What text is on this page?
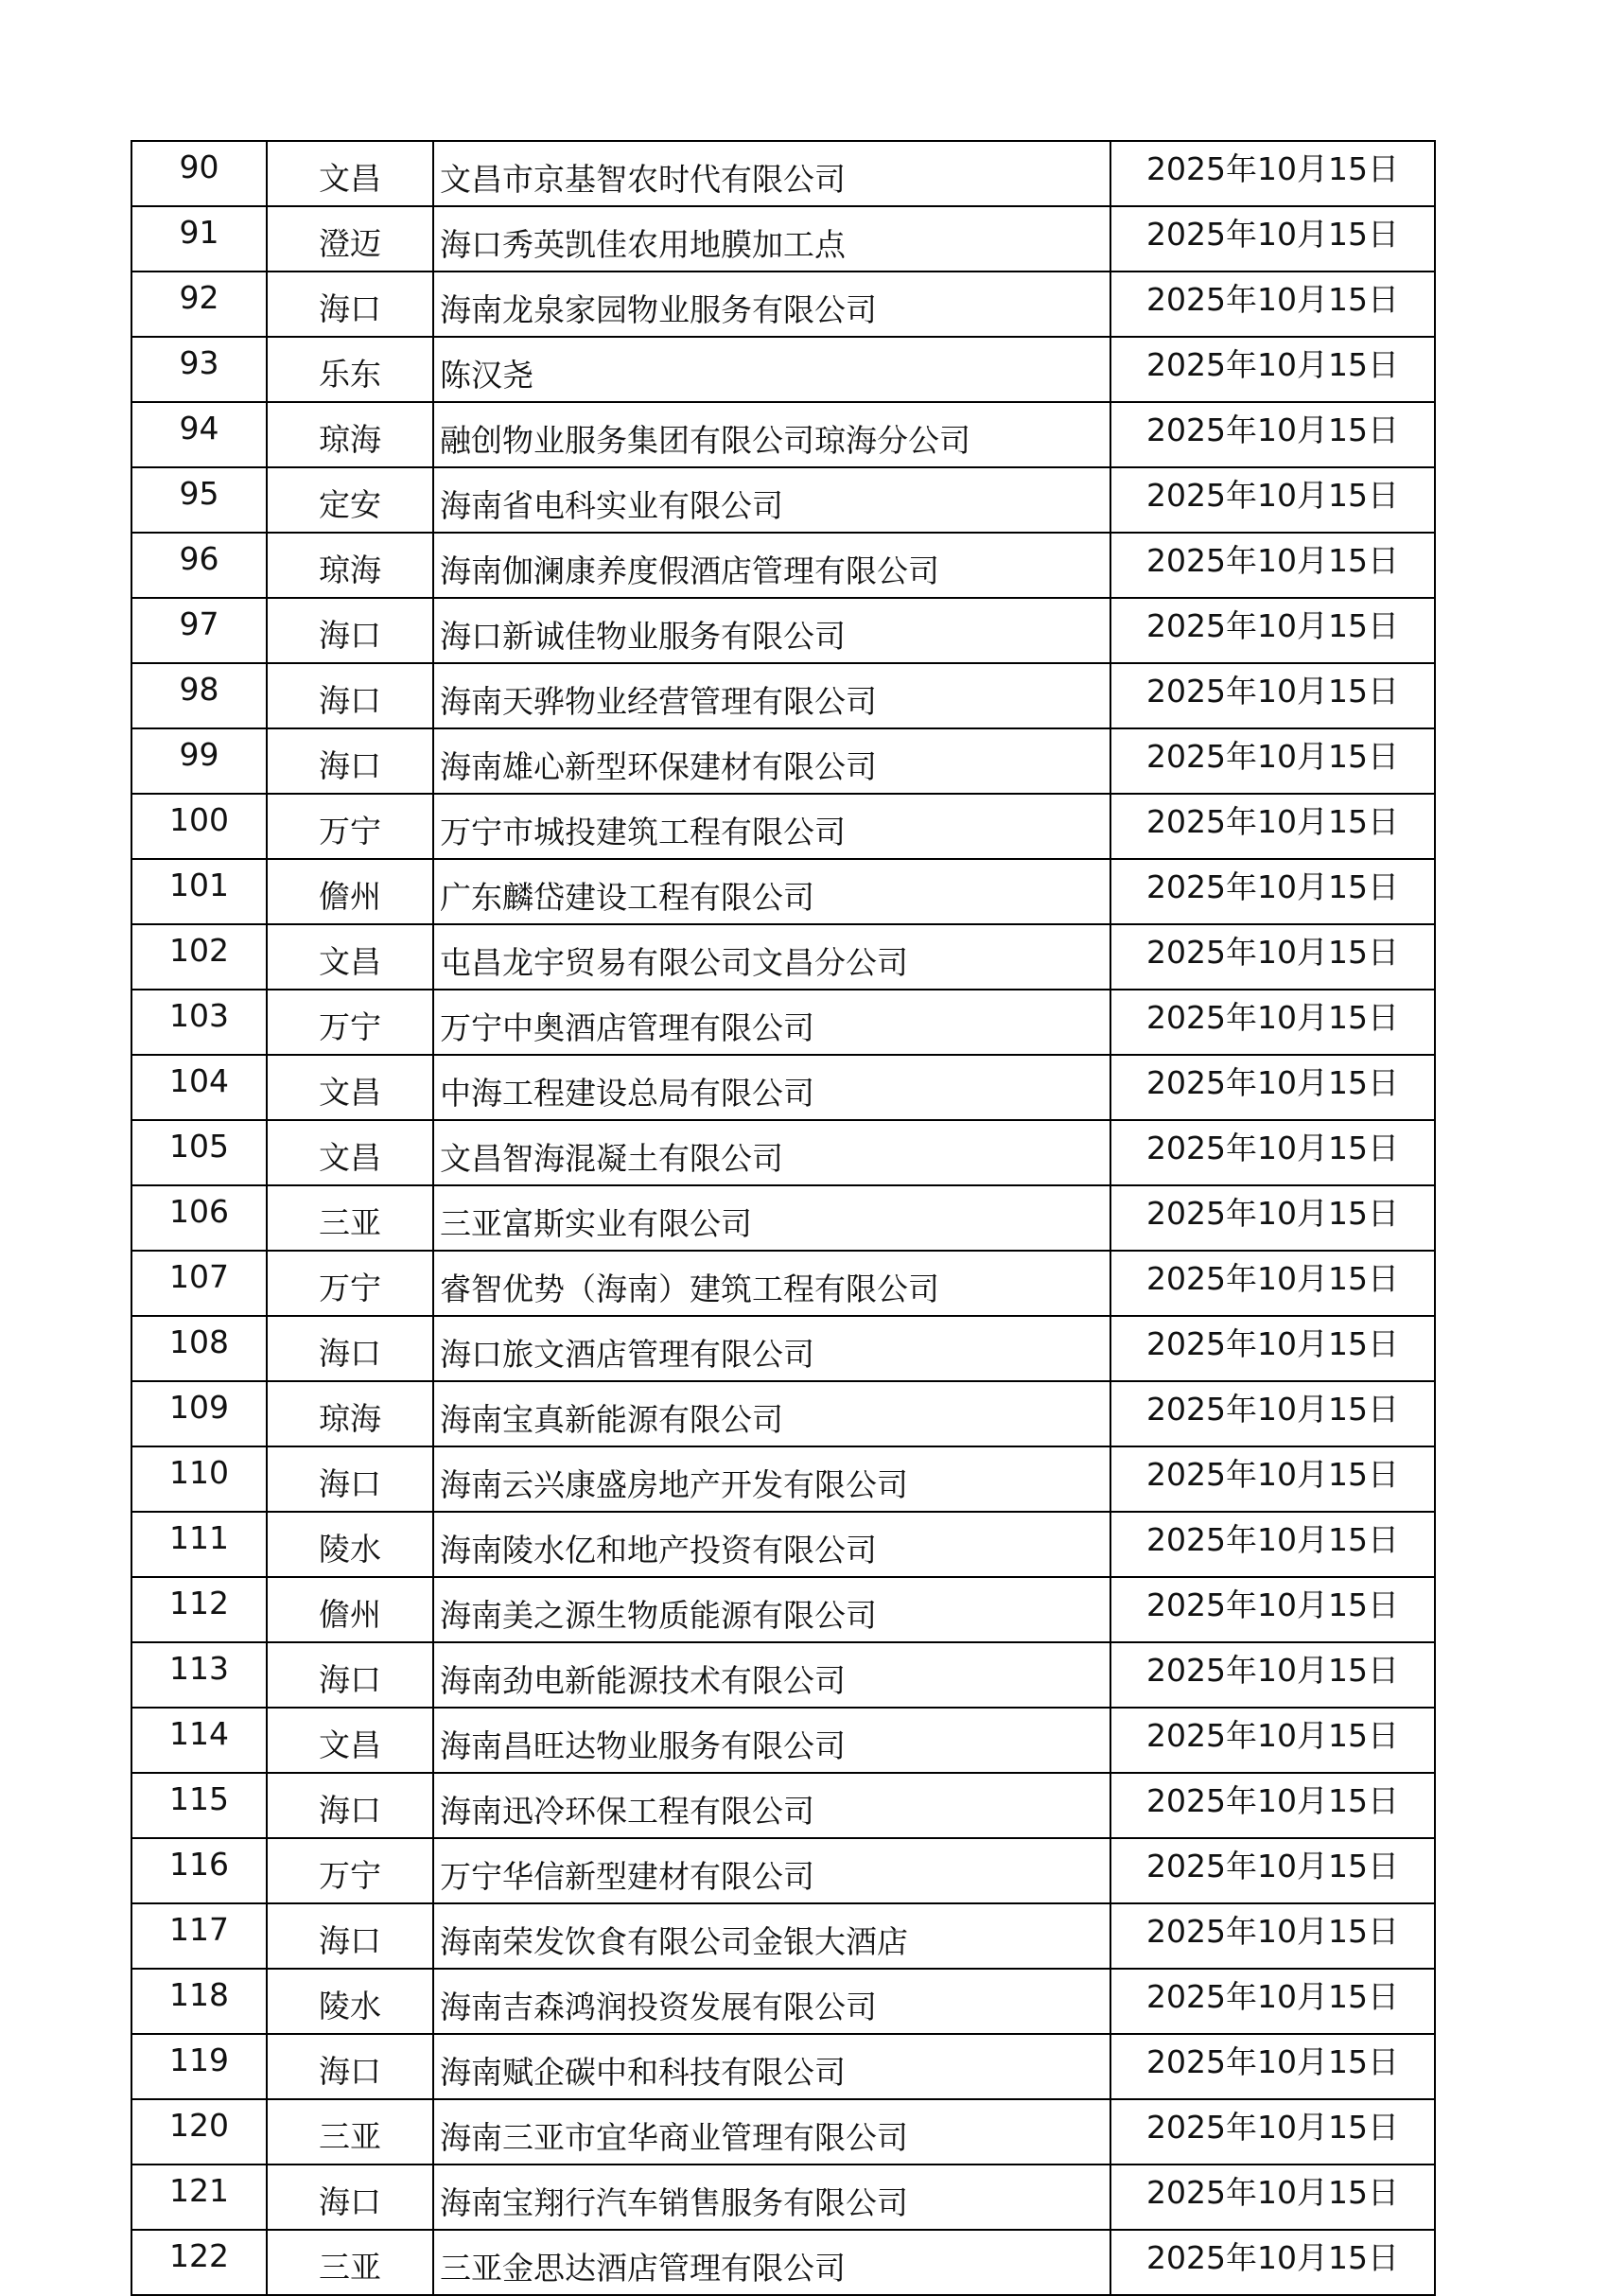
90	文昌	文昌市京基智农时代有限公司	2025年10月15日
91	澄迈	海口秀英凯佳农用地膜加工点	2025年10月15日
92	海口	海南龙泉家园物业服务有限公司	2025年10月15日
93	乐东	陈汉尧	2025年10月15日
94	琼海	融创物业服务集团有限公司琼海分公司	2025年10月15日
95	定安	海南省电科实业有限公司	2025年10月15日
96	琼海	海南伽澜康养度假酒店管理有限公司	2025年10月15日
97	海口	海口新诚佳物业服务有限公司	2025年10月15日
98	海口	海南天骅物业经营管理有限公司	2025年10月15日
99	海口	海南雄心新型环保建材有限公司	2025年10月15日
100	万宁	万宁市城投建筑工程有限公司	2025年10月15日
101	儋州	广东麟岱建设工程有限公司	2025年10月15日
102	文昌	屯昌龙宇贸易有限公司文昌分公司	2025年10月15日
103	万宁	万宁中奥酒店管理有限公司	2025年10月15日
104	文昌	中海工程建设总局有限公司	2025年10月15日
105	文昌	文昌智海混凝土有限公司	2025年10月15日
106	三亚	三亚富斯实业有限公司	2025年10月15日
107	万宁	睿智优势（海南）建筑工程有限公司	2025年10月15日
108	海口	海口旅文酒店管理有限公司	2025年10月15日
109	琼海	海南宝真新能源有限公司	2025年10月15日
110	海口	海南云兴康盛房地产开发有限公司	2025年10月15日
111	陵水	海南陵水亿和地产投资有限公司	2025年10月15日
112	儋州	海南美之源生物质能源有限公司	2025年10月15日
113	海口	海南劲电新能源技术有限公司	2025年10月15日
114	文昌	海南昌旺达物业服务有限公司	2025年10月15日
115	海口	海南迅冷环保工程有限公司	2025年10月15日
116	万宁	万宁华信新型建材有限公司	2025年10月15日
117	海口	海南荣发饮食有限公司金银大酒店	2025年10月15日
118	陵水	海南吉森鸿润投资发展有限公司	2025年10月15日
119	海口	海南赋企碳中和科技有限公司	2025年10月15日
120	三亚	海南三亚市宜华商业管理有限公司	2025年10月15日
121	海口	海南宝翔行汽车销售服务有限公司	2025年10月15日
122	三亚	三亚金思达酒店管理有限公司	2025年10月15日
